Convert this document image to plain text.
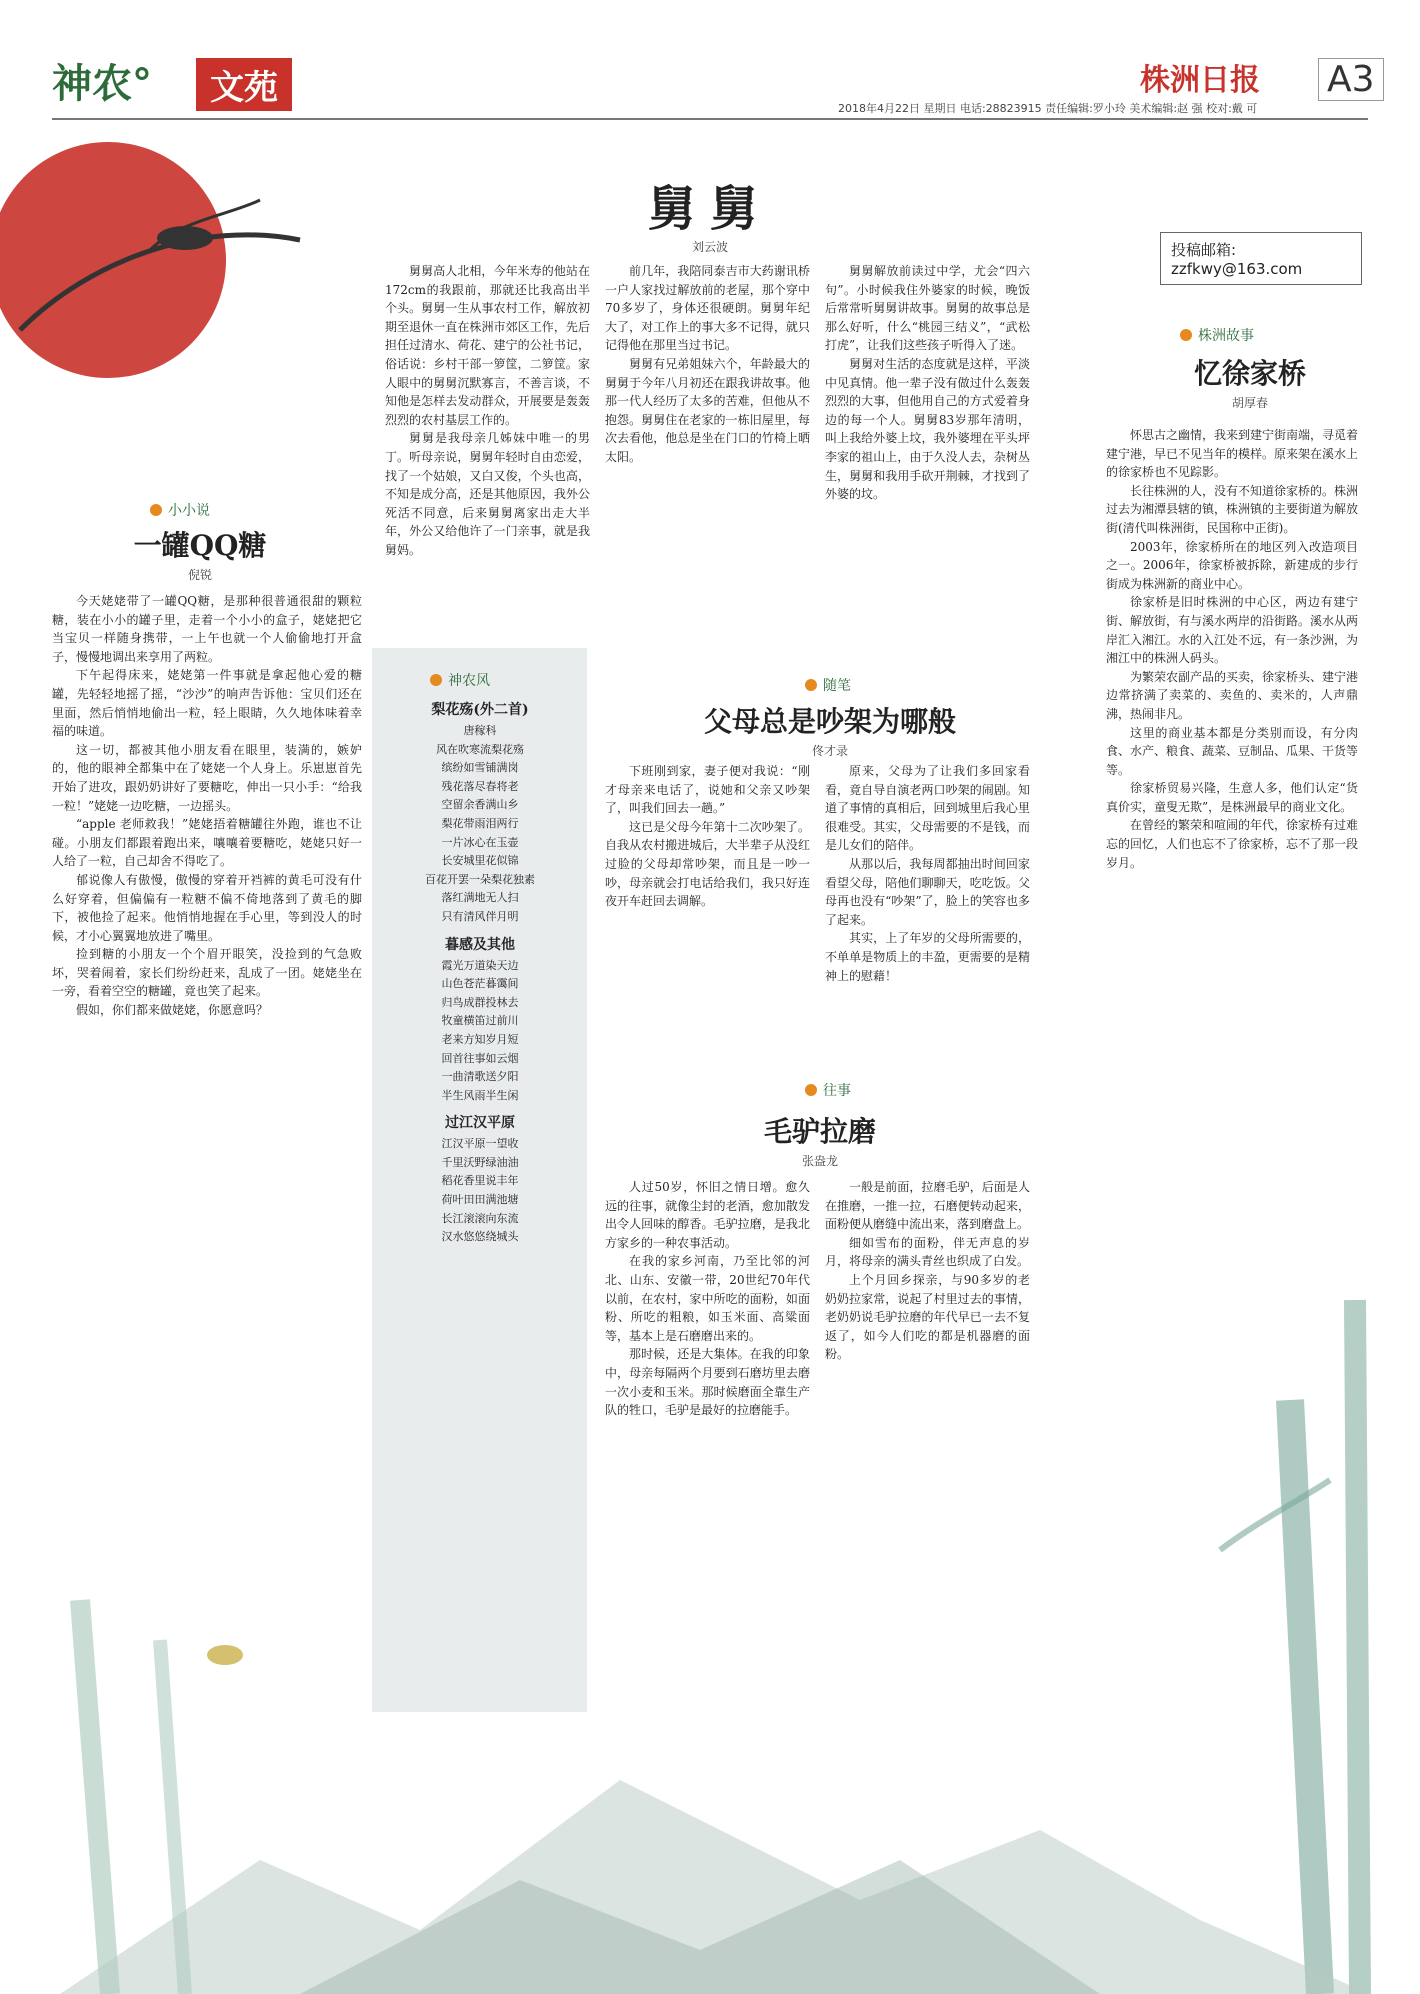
神农°	文苑	株洲日报 A3
2018年4月22日 星期日 电话:28823915 责任编辑:罗小玲 美术编辑:赵 强 校对:戴 可
投稿邮箱:
zzfkwy@163.com
舅舅
刘云波

舅舅高人北相，今年米寿的他站在172cm的我跟前，那就还比我高出半个头。舅舅一生从事农村工作，解放初期至退休一直在株洲市郊区工作，先后担任过清水、荷花、建宁的公社书记，俗话说：乡村干部一箩筐，二箩筐。家人眼中的舅舅沉默寡言，不善言谈，不知他是怎样去发动群众，开展要是轰轰烈烈的农村基层工作的。

舅舅是我母亲几姊妹中唯一的男丁。听母亲说，舅舅年轻时自由恋爱，找了一个姑娘，又白又俊，个头也高，不知是成分高，还是其他原因，我外公死活不同意，后来舅舅离家出走大半年，外公又给他许了一门亲事，就是我舅妈。

前几年，我陪同泰吉市大药谢讯桥一户人家找过解放前的老屋，那个穿中70多岁了，身体还很硬朗。舅舅年纪大了，对工作上的事大多不记得，就只记得他在那里当过书记。

舅舅有兄弟姐妹六个，年龄最大的舅舅于今年八月初还在跟我讲故事。他那一代人经历了太多的苦难，但他从不抱怨。舅舅住在老家的一栋旧屋里，每次去看他，他总是坐在门口的竹椅上晒太阳。

舅舅解放前读过中学，尤会“四六句”。小时候我住外婆家的时候，晚饭后常常听舅舅讲故事。舅舅的故事总是那么好听，什么“桃园三结义”，“武松打虎”，让我们这些孩子听得入了迷。

舅舅对生活的态度就是这样，平淡中见真情。他一辈子没有做过什么轰轰烈烈的大事，但他用自己的方式爱着身边的每一个人。舅舅83岁那年清明，叫上我给外婆上坟，我外婆埋在平头坪李家的祖山上，由于久没人去，杂树丛生，舅舅和我用手砍开荆棘，才找到了外婆的坟。

小小说
一罐QQ糖
倪锐

今天姥姥带了一罐QQ糖，是那种很普通很甜的颗粒糖，装在小小的罐子里，走着一个小小的盒子，姥姥把它当宝贝一样随身携带，一上午也就一个人偷偷地打开盒子，慢慢地调出来享用了两粒。

下午起得床来，姥姥第一件事就是拿起他心爱的糖罐，先轻轻地摇了摇，“沙沙”的响声告诉他：宝贝们还在里面，然后悄悄地偷出一粒，轻上眼睛，久久地体味着幸福的味道。

这一切，都被其他小朋友看在眼里，装满的，嫉妒的，他的眼神全都集中在了姥姥一个人身上。乐崽崽首先开始了进攻，跟奶奶讲好了要糖吃，伸出一只小手：“给我一粒！”姥姥一边吃糖，一边摇头。

“apple 老师救我！”姥姥捂着糖罐往外跑，谁也不让碰。小朋友们都跟着跑出来，嚷嚷着要糖吃，姥姥只好一人给了一粒，自己却舍不得吃了。

郁说像人有傲慢，傲慢的穿着开裆裤的黄毛可没有什么好穿着，但偏偏有一粒糖不偏不倚地落到了黄毛的脚下，被他捡了起来。他悄悄地握在手心里，等到没人的时候，才小心翼翼地放进了嘴里。

捡到糖的小朋友一个个眉开眼笑，没捡到的气急败坏，哭着闹着，家长们纷纷赶来，乱成了一团。姥姥坐在一旁，看着空空的糖罐，竟也笑了起来。

假如，你们都来做姥姥，你愿意吗？

神农风
梨花殇(外二首)
唐稼科
风在吹寒流梨花殇
缤纷如雪铺满岗
残花落尽春将老
空留余香满山乡
梨花带雨泪两行
一片冰心在玉壶
长安城里花似锦
百花开罢一朵梨花独素
落红满地无人扫
只有清风伴月明
暮感及其他
霞光万道染天边
山色苍茫暮霭间
归鸟成群投林去
牧童横笛过前川
老来方知岁月短
回首往事如云烟
一曲清歌送夕阳
半生风雨半生闲
过江汉平原
江汉平原一望收
千里沃野绿油油
稻花香里说丰年
荷叶田田满池塘
长江滚滚向东流
汉水悠悠绕城头
随笔
父母总是吵架为哪般
佟才录

下班刚到家，妻子便对我说：“刚才母亲来电话了，说她和父亲又吵架了，叫我们回去一趟。”

这已是父母今年第十二次吵架了。自我从农村搬进城后，大半辈子从没红过脸的父母却常吵架，而且是一吵一吵，母亲就会打电话给我们，我只好连夜开车赶回去调解。

原来，父母为了让我们多回家看看，竟自导自演老两口吵架的闹剧。知道了事情的真相后，回到城里后我心里很难受。其实，父母需要的不是钱，而是儿女们的陪伴。

从那以后，我每周都抽出时间回家看望父母，陪他们聊聊天，吃吃饭。父母再也没有“吵架”了，脸上的笑容也多了起来。

其实，上了年岁的父母所需要的，不单单是物质上的丰盈，更需要的是精神上的慰藉！

往事
毛驴拉磨
张盎龙

人过50岁，怀旧之情日增。愈久远的往事，就像尘封的老酒，愈加散发出令人回味的醇香。毛驴拉磨，是我北方家乡的一种农事活动。

在我的家乡河南，乃至比邻的河北、山东、安徽一带，20世纪70年代以前，在农村，家中所吃的面粉，如面粉、所吃的粗粮，如玉米面、高粱面等，基本上是石磨磨出来的。

那时候，还是大集体。在我的印象中，母亲每隔两个月要到石磨坊里去磨一次小麦和玉米。那时候磨面全靠生产队的牲口，毛驴是最好的拉磨能手。

一般是前面，拉磨毛驴，后面是人在推磨，一推一拉，石磨便转动起来，面粉便从磨缝中流出来，落到磨盘上。

细如雪布的面粉，伴无声息的岁月，将母亲的满头青丝也织成了白发。

上个月回乡探亲，与90多岁的老奶奶拉家常，说起了村里过去的事情，老奶奶说毛驴拉磨的年代早已一去不复返了，如今人们吃的都是机器磨的面粉。

株洲故事
忆徐家桥
胡厚春

怀思古之幽情，我来到建宁街南端，寻觅着建宁港，早已不见当年的模样。原来架在溪水上的徐家桥也不见踪影。

长往株洲的人，没有不知道徐家桥的。株洲过去为湘潭县辖的镇，株洲镇的主要街道为解放街(清代叫株洲街，民国称中正街)。

2003年，徐家桥所在的地区列入改造项目之一。2006年，徐家桥被拆除，新建成的步行街成为株洲新的商业中心。

徐家桥是旧时株洲的中心区，两边有建宁街、解放街，有与溪水两岸的沿街路。溪水从两岸汇入湘江。水的入江处不远，有一条沙洲，为湘江中的株洲人码头。

为繁荣农副产品的买卖，徐家桥头、建宁港边常挤满了卖菜的、卖鱼的、卖米的，人声鼎沸，热闹非凡。

这里的商业基本都是分类别而设，有分肉食、水产、粮食、蔬菜、豆制品、瓜果、干货等等。

徐家桥贸易兴隆，生意人多，他们认定“货真价实，童叟无欺”，是株洲最早的商业文化。

在曾经的繁荣和喧闹的年代，徐家桥有过难忘的回忆，人们也忘不了徐家桥，忘不了那一段岁月。
